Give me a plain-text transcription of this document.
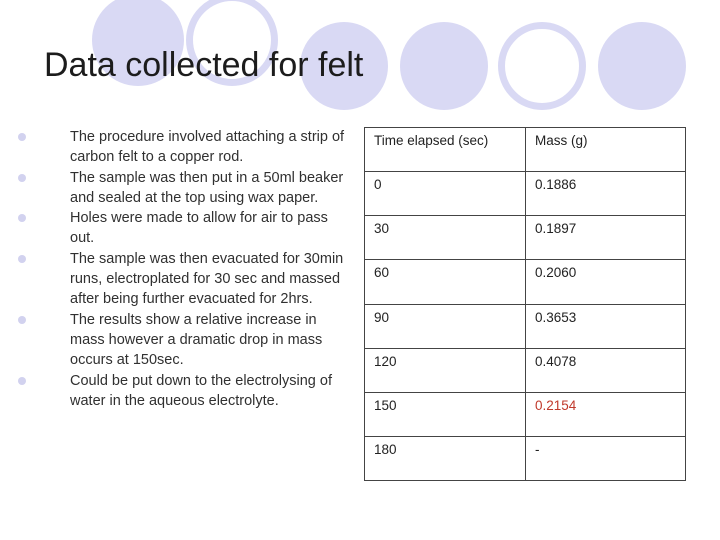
Data collected for felt
The procedure involved attaching a strip of carbon felt to a copper rod.
The sample was then put in a 50ml beaker and sealed at the top using wax paper.
Holes were made to allow for air to pass out.
The sample was then evacuated for 30min runs, electroplated for 30 sec and massed after being further evacuated for 2hrs.
The results show a relative increase in mass however a dramatic drop in mass occurs at 150sec.
Could be put down to the electrolysing of water in the aqueous electrolyte.
Time elapsed (sec)	Mass (g)
0	0.1886
30	0.1897
60	0.2060
90	0.3653
120	0.4078
150	0.2154
180	-
